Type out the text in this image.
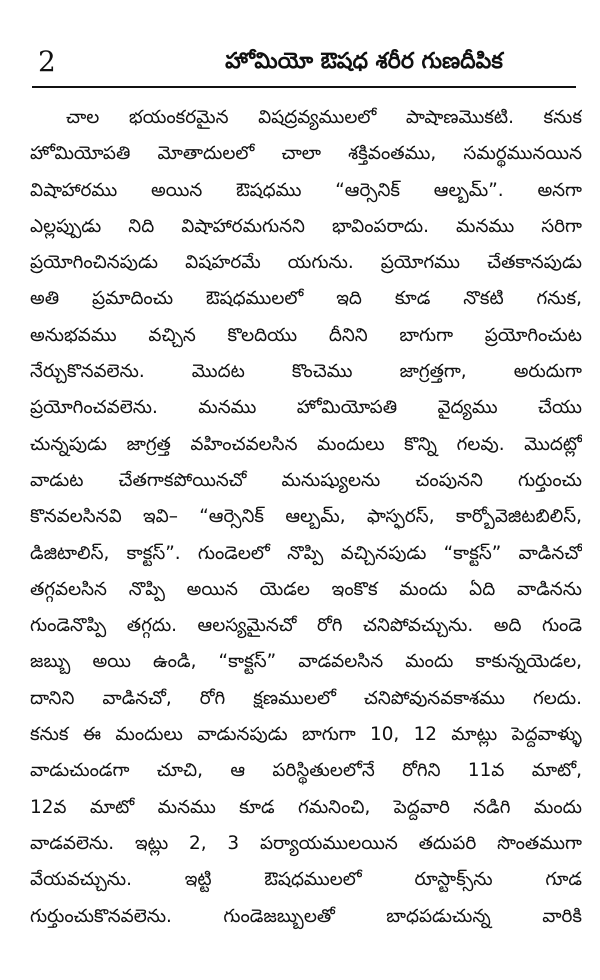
2	హోమియో ఔషధ శరీర గుణదీపిక
చాల భయంకరమైన విషద్రవ్యములలో పాషాణమొకటి. కనుక
హోమియోపతి మోతాదులలో చాలా శక్తివంతము, సమర్థమునయిన
విషాహారము అయిన ఔషధము “ఆర్సెనిక్ ఆల్బమ్”. అనగా
ఎల్లప్పుడు నిది విషాహారమగునని భావింపరాదు. మనము సరిగా
ప్రయోగించినపుడు విషహరమే యగును. ప్రయోగము చేతకానపుడు
అతి ప్రమాదించు ఔషధములలో ఇది కూడ నొకటి గనుక,
అనుభవము వచ్చిన కొలదియు దీనిని బాగుగా ప్రయోగించుట
నేర్చుకొనవలెను. మొదట కొంచెము జాగ్రత్తగా, అరుదుగా
ప్రయోగించవలెను. మనము హోమియోపతి వైద్యము చేయు
చున్నపుడు జాగ్రత్త వహించవలసిన మందులు కొన్ని గలవు. మొదట్లో
వాడుట చేతగాకపోయినచో మనుష్యులను చంపునని గుర్తుంచు
కొనవలసినవి ఇవి– “ఆర్సెనిక్ ఆల్బమ్, ఫాస్ఫరస్, కార్బోవెజిటబిలిస్,
డిజిటాలిస్, కాక్టస్”. గుండెలలో నొప్పి వచ్చినపుడు “కాక్టస్” వాడినచో
తగ్గవలసిన నొప్పి అయిన యెడల ఇంకొక మందు ఏది వాడినను
గుండెనొప్పి తగ్గదు. ఆలస్యమైనచో రోగి చనిపోవచ్చును. అది గుండె
జబ్బు అయి ఉండి, “కాక్టస్” వాడవలసిన మందు కాకున్నయెడల,
దానిని వాడినచో, రోగి క్షణములలో చనిపోవునవకాశము గలదు.
కనుక ఈ మందులు వాడునపుడు బాగుగా 10, 12 మాట్లు పెద్దవాళ్ళు
వాడుచుండగా చూచి, ఆ పరిస్థితులలోనే రోగిని 11వ మాటో,
12వ మాటో మనము కూడ గమనించి, పెద్దవారి నడిగి మందు
వాడవలెను. ఇట్లు 2, 3 పర్యాయములయిన తదుపరి సొంతముగా
వేయవచ్చును. ఇట్టి ఔషధములలో రూస్టాక్స్‌ను గూడ
గుర్తుంచుకొనవలెను. గుండెజబ్బులతో బాధపడుచున్న వారికి
